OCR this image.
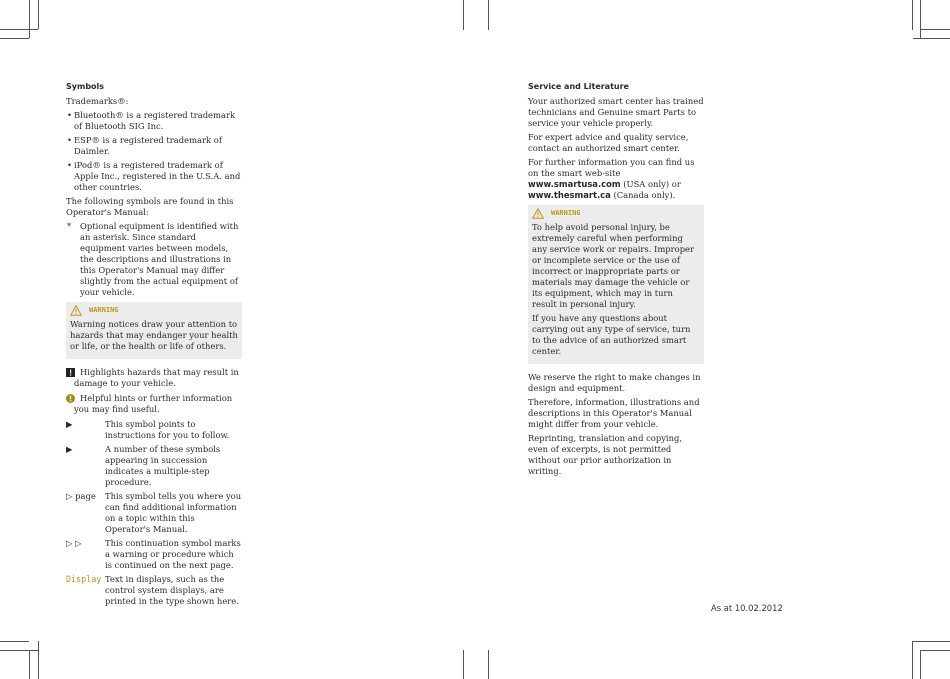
Symbols

Trademarks®:

• Bluetooth® is a registered trademark of Bluetooth SIG Inc.
• ESP® is a registered trademark of Daimler.
• iPod® is a registered trademark of Apple Inc., registered in the U.S.A. and other countries.

The following symbols are found in this Operator's Manual:

* Optional equipment is identified with an asterisk. Since standard equipment varies between models, the descriptions and illustrations in this Operator's Manual may differ slightly from the actual equipment of your vehicle.
WARNING

Warning notices draw your attention to hazards that may endanger your health or life, or the health or life of others.

Highlights hazards that may result in damage to your vehicle.
Helpful hints or further information you may find useful.
▶	This symbol points to instructions for you to follow.
▶	A number of these symbols appearing in succession indicates a multiple-step procedure.
▷ page	This symbol tells you where you can find additional information on a topic within this Operator's Manual.
▷ ▷	This continuation symbol marks a warning or procedure which is continued on the next page.
Display Text in displays, such as the control system displays, are printed in the type shown here.
Service and Literature

Your authorized smart center has trained technicians and Genuine smart Parts to service your vehicle properly.

For expert advice and quality service, contact an authorized smart center.

For further information you can find us on the smart web-site www.smartusa.com (USA only) or www.thesmart.ca (Canada only).

WARNING

To help avoid personal injury, be extremely careful when performing any service work or repairs. Improper or incomplete service or the use of incorrect or inappropriate parts or materials may damage the vehicle or its equipment, which may in turn result in personal injury.

If you have any questions about carrying out any type of service, turn to the advice of an authorized smart center.

We reserve the right to make changes in design and equipment.

Therefore, information, illustrations and descriptions in this Operator's Manual might differ from your vehicle.

Reprinting, translation and copying, even of excerpts, is not permitted without our prior authorization in writing.

As at 10.02.2012
